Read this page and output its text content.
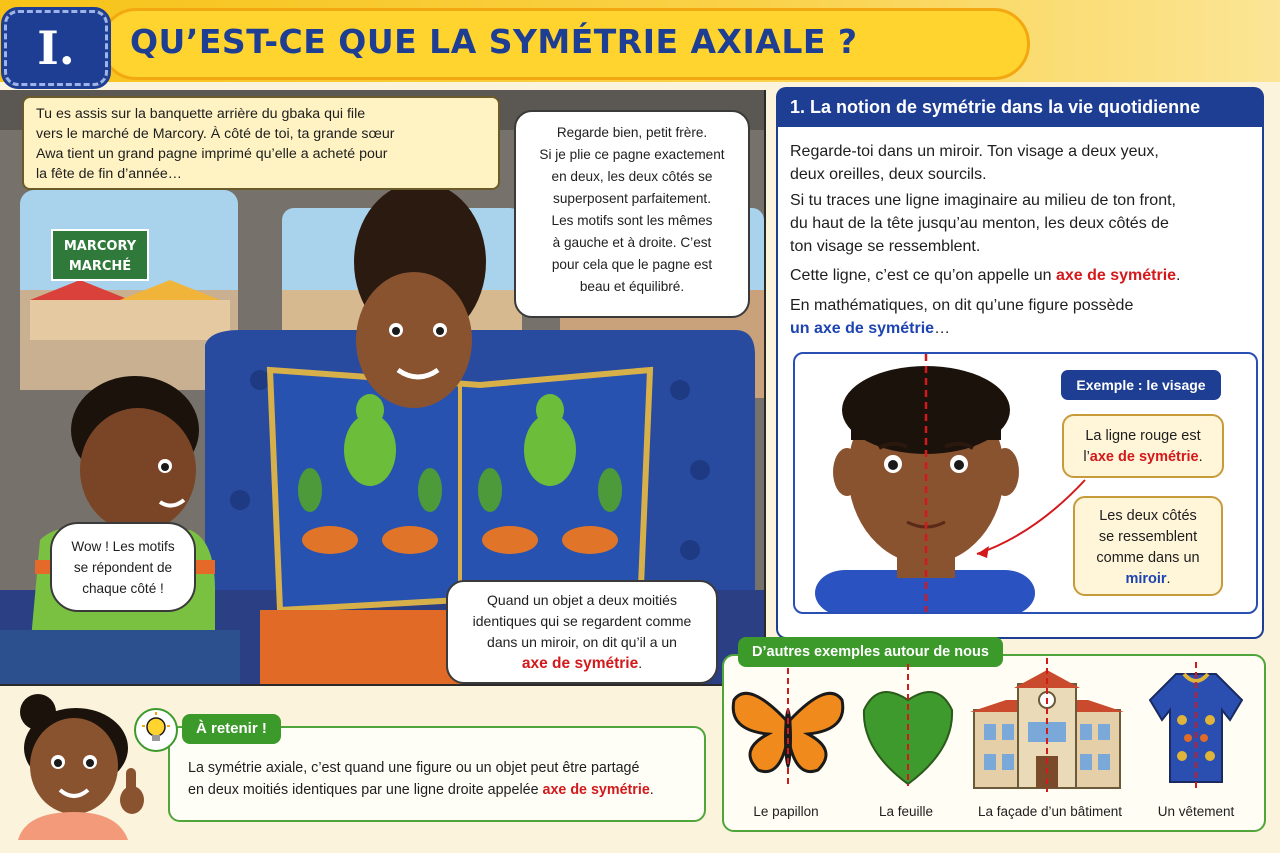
I.	QU’EST-CE QUE LA SYMÉTRIE AXIALE ?
MARCORY
MARCHÉ
Tu es assis sur la banquette arrière du gbaka qui file
vers le marché de Marcory. À côté de toi, ta grande sœur
Awa tient un grand pagne imprimé qu’elle a acheté pour
la fête de fin d’année…
Regarde bien, petit frère.
Si je plie ce pagne exactement
en deux, les deux côtés se
superposent parfaitement.
Les motifs sont les mêmes
à gauche et à droite. C’est
pour cela que le pagne est
beau et équilibré.
Wow ! Les motifs
se répondent de
chaque côté !
Quand un objet a deux moitiés
identiques qui se regardent comme
dans un miroir, on dit qu’il a un
axe de symétrie.
1. La notion de symétrie dans la vie quotidienne
Regarde-toi dans un miroir. Ton visage a deux yeux,
deux oreilles, deux sourcils.
Si tu traces une ligne imaginaire au milieu de ton front,
du haut de la tête jusqu’au menton, les deux côtés de
ton visage se ressemblent.
Cette ligne, c’est ce qu’on appelle un axe de symétrie.
En mathématiques, on dit qu’une figure possède
un axe de symétrie…
Exemple : le visage
La ligne rouge est
l’axe de symétrie.
Les deux côtés
se ressemblent
comme dans un
miroir.
D’autres exemples autour de nous
Le papillon	La feuille	La façade d’un bâtiment	Un vêtement
À retenir !
La symétrie axiale, c’est quand une figure ou un objet peut être partagé
en deux moitiés identiques par une ligne droite appelée axe de symétrie.
